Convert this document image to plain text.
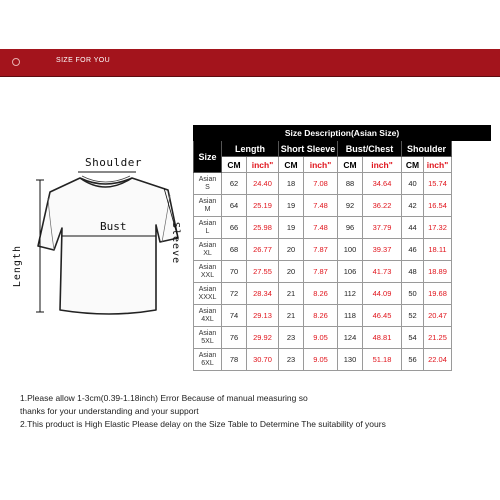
SIZE FOR YOU
Shoulder
Bust	Sleeve
Length
Size Description(Asian Size)								
Size	Length		Short Sleeve		Bust/Chest		Shoulder	
	CM	inch"	CM	inch"	CM	inch"	CM	inch"
Asian
S	62	24.40	18	7.08	88	34.64	40	15.74
Asian
M	64	25.19	19	7.48	92	36.22	42	16.54
Asian
L	66	25.98	19	7.48	96	37.79	44	17.32
Asian
XL	68	26.77	20	7.87	100	39.37	46	18.11
Asian
XXL	70	27.55	20	7.87	106	41.73	48	18.89
Asian
XXXL	72	28.34	21	8.26	112	44.09	50	19.68
Asian
4XL	74	29.13	21	8.26	118	46.45	52	20.47
Asian
5XL	76	29.92	23	9.05	124	48.81	54	21.25
Asian
6XL	78	30.70	23	9.05	130	51.18	56	22.04
1.Please allow 1-3cm(0.39-1.18inch) Error Because of manual measuring so
thanks for your understanding and your support
2.This product is High Elastic Please delay on the Size Table to Determine The suitability of yours
